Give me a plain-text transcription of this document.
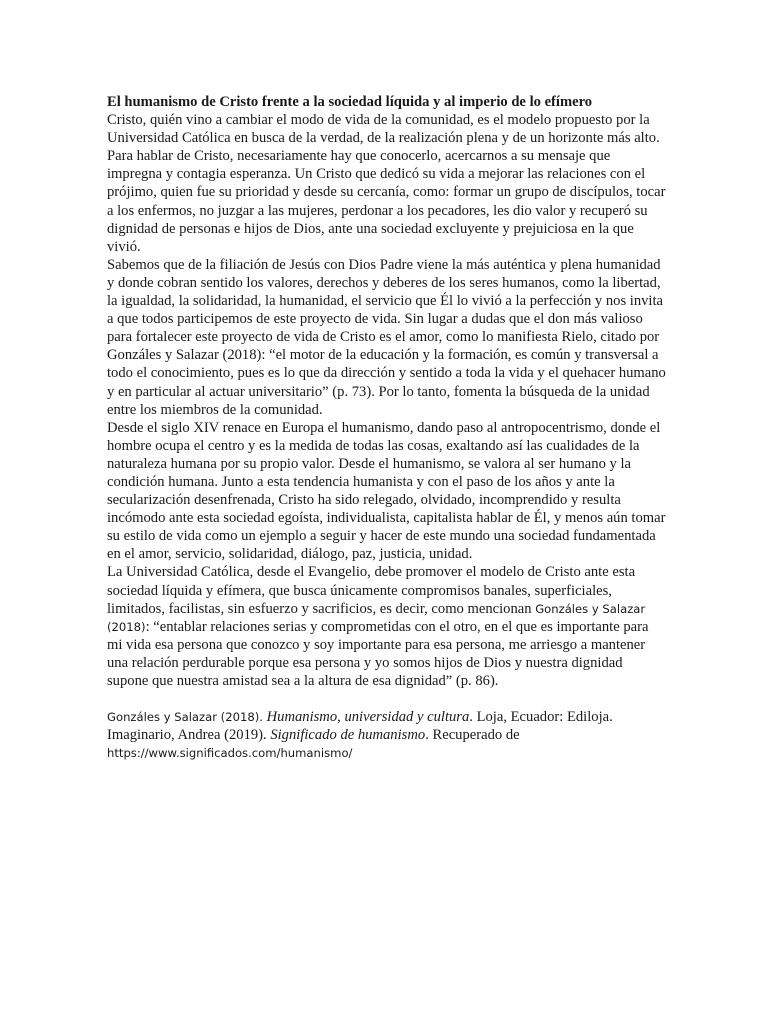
El humanismo de Cristo frente a la sociedad líquida y al imperio de lo efímero

Cristo, quién vino a cambiar el modo de vida de la comunidad, es el modelo propuesto por la Universidad Católica en busca de la verdad, de la realización plena y de un horizonte más alto.

Para hablar de Cristo, necesariamente hay que conocerlo, acercarnos a su mensaje que impregna y contagia esperanza. Un Cristo que dedicó su vida a mejorar las relaciones con el prójimo, quien fue su prioridad y desde su cercanía, como: formar un grupo de discípulos, tocar a los enfermos, no juzgar a las mujeres, perdonar a los pecadores, les dio valor y recuperó su dignidad de personas e hijos de Dios, ante una sociedad excluyente y prejuiciosa en la que vivió.

Sabemos que de la filiación de Jesús con Dios Padre viene la más auténtica y plena humanidad y donde cobran sentido los valores, derechos y deberes de los seres humanos, como la libertad, la igualdad, la solidaridad, la humanidad, el servicio que Él lo vivió a la perfección y nos invita a que todos participemos de este proyecto de vida. Sin lugar a dudas que el don más valioso para fortalecer este proyecto de vida de Cristo es el amor, como lo manifiesta Rielo, citado por Gonzáles y Salazar (2018): “el motor de la educación y la formación, es común y transversal a todo el conocimiento, pues es lo que da dirección y sentido a toda la vida y el quehacer humano y en particular al actuar universitario” (p. 73). Por lo tanto, fomenta la búsqueda de la unidad entre los miembros de la comunidad.

Desde el siglo XIV renace en Europa el humanismo, dando paso al antropocentrismo, donde el hombre ocupa el centro y es la medida de todas las cosas, exaltando así las cualidades de la naturaleza humana por su propio valor. Desde el humanismo, se valora al ser humano y la condición humana. Junto a esta tendencia humanista y con el paso de los años y ante la secularización desenfrenada, Cristo ha sido relegado, olvidado, incomprendido y resulta incómodo ante esta sociedad egoísta, individualista, capitalista hablar de Él, y menos aún tomar su estilo de vida como un ejemplo a seguir y hacer de este mundo una sociedad fundamentada en el amor, servicio, solidaridad, diálogo, paz, justicia, unidad.

La Universidad Católica, desde el Evangelio, debe promover el modelo de Cristo ante esta sociedad líquida y efímera, que busca únicamente compromisos banales, superficiales, limitados, facilistas, sin esfuerzo y sacrificios, es decir, como mencionan Gonzáles y Salazar (2018): “entablar relaciones serias y comprometidas con el otro, en el que es importante para mi vida esa persona que conozco y soy importante para esa persona, me arriesgo a mantener una relación perdurable porque esa persona y yo somos hijos de Dios y nuestra dignidad supone que nuestra amistad sea a la altura de esa dignidad” (p. 86).

Gonzáles y Salazar (2018). Humanismo, universidad y cultura. Loja, Ecuador: Ediloja.

Imaginario, Andrea (2019). Significado de humanismo. Recuperado de

https://www.significados.com/humanismo/
